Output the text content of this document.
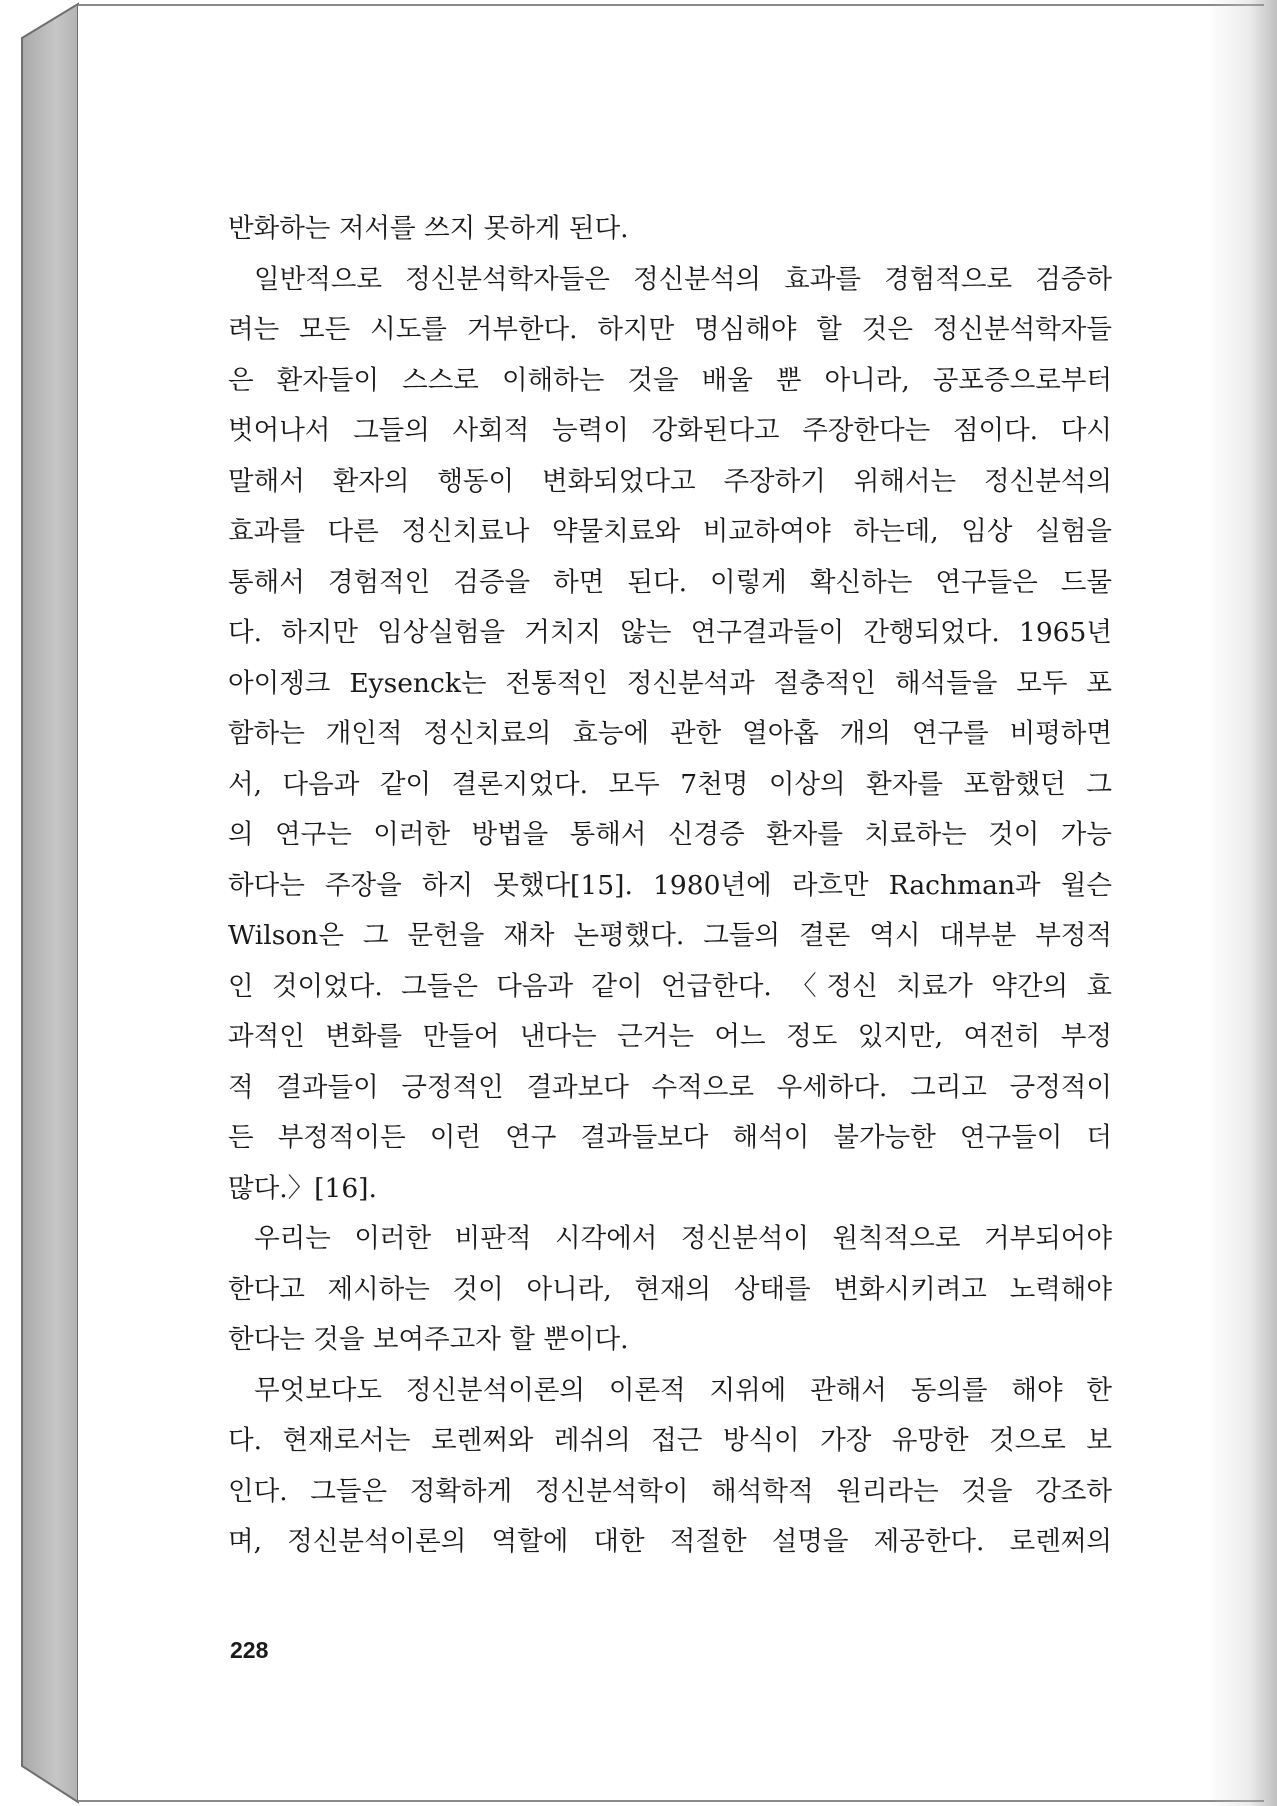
반화하는 저서를 쓰지 못하게 된다.
일반적으로 정신분석학자들은 정신분석의 효과를 경험적으로 검증하
려는 모든 시도를 거부한다. 하지만 명심해야 할 것은 정신분석학자들
은 환자들이 스스로 이해하는 것을 배울 뿐 아니라, 공포증으로부터
벗어나서 그들의 사회적 능력이 강화된다고 주장한다는 점이다. 다시
말해서 환자의 행동이 변화되었다고 주장하기 위해서는 정신분석의
효과를 다른 정신치료나 약물치료와 비교하여야 하는데, 임상 실험을
통해서 경험적인 검증을 하면 된다. 이렇게 확신하는 연구들은 드물
다. 하지만 임상실험을 거치지 않는 연구결과들이 간행되었다. 1965년
아이젱크 Eysenck는 전통적인 정신분석과 절충적인 해석들을 모두 포
함하는 개인적 정신치료의 효능에 관한 열아홉 개의 연구를 비평하면
서, 다음과 같이 결론지었다. 모두 7천명 이상의 환자를 포함했던 그
의 연구는 이러한 방법을 통해서 신경증 환자를 치료하는 것이 가능
하다는 주장을 하지 못했다[15]. 1980년에 라흐만 Rachman과 윌슨
Wilson은 그 문헌을 재차 논평했다. 그들의 결론 역시 대부분 부정적
인 것이었다. 그들은 다음과 같이 언급한다. 〈정신 치료가 약간의 효
과적인 변화를 만들어 낸다는 근거는 어느 정도 있지만, 여전히 부정
적 결과들이 긍정적인 결과보다 수적으로 우세하다. 그리고 긍정적이
든 부정적이든 이런 연구 결과들보다 해석이 불가능한 연구들이 더
많다.〉[16].
우리는 이러한 비판적 시각에서 정신분석이 원칙적으로 거부되어야
한다고 제시하는 것이 아니라, 현재의 상태를 변화시키려고 노력해야
한다는 것을 보여주고자 할 뿐이다.
무엇보다도 정신분석이론의 이론적 지위에 관해서 동의를 해야 한
다. 현재로서는 로렌쩌와 레쉬의 접근 방식이 가장 유망한 것으로 보
인다. 그들은 정확하게 정신분석학이 해석학적 원리라는 것을 강조하
며, 정신분석이론의 역할에 대한 적절한 설명을 제공한다. 로렌쩌의
228
